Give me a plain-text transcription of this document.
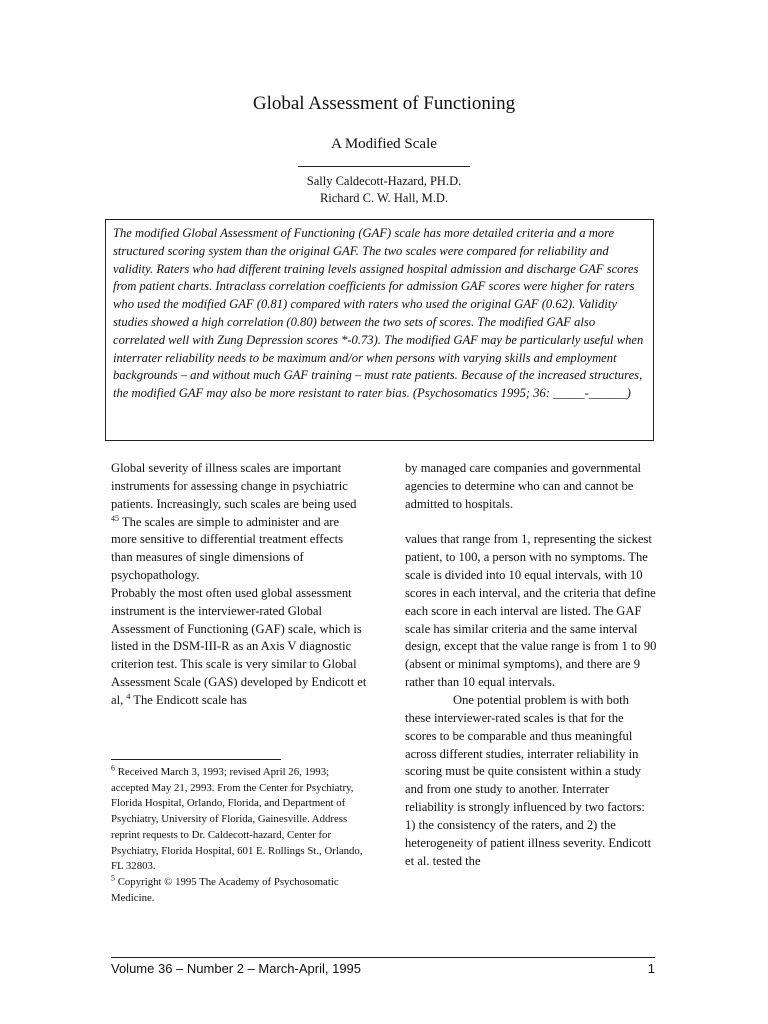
Global Assessment of Functioning
A Modified Scale
Sally Caldecott-Hazard, PH.D.
Richard C. W. Hall, M.D.
The modified Global Assessment of Functioning (GAF) scale has more detailed criteria and a more structured scoring system than the original GAF. The two scales were compared for reliability and validity. Raters who had different training levels assigned hospital admission and discharge GAF scores from patient charts. Intraclass correlation coefficients for admission GAF scores were higher for raters who used the modified GAF (0.81) compared with raters who used the original GAF (0.62). Validity studies showed a high correlation (0.80) between the two sets of scores. The modified GAF also correlated well with Zung Depression scores *-0.73). The modified GAF may be particularly useful when interrater reliability needs to be maximum and/or when persons with varying skills and employment backgrounds – and without much GAF training – must rate patients. Because of the increased structures, the modified GAF may also be more resistant to rater bias. (Psychosomatics 1995; 36: _____-______)

Global severity of illness scales are important instruments for assessing change in psychiatric patients. Increasingly, such scales are being used $^{45}$ The scales are simple to administer and are more sensitive to differential treatment effects than measures of single dimensions of psychopathology.

Probably the most often used global assessment instrument is the interviewer-rated Global Assessment of Functioning (GAF) scale, which is listed in the DSM-III-R as an Axis V diagnostic criterion test. This scale is very similar to Global Assessment Scale (GAS) developed by Endicott et al, $^4$ The Endicott scale has

$^6$ Received March 3, 1993; revised April 26, 1993; accepted May 21, 2993. From the Center for Psychiatry, Florida Hospital, Orlando, Florida, and Department of Psychiatry, University of Florida, Gainesville. Address reprint requests to Dr. Caldecott-hazard, Center for Psychiatry, Florida Hospital, 601 E. Rollings St., Orlando, FL 32803.

$^5$ Copyright © 1995 The Academy of Psychosomatic Medicine.

by managed care companies and governmental agencies to determine who can and cannot be admitted to hospitals.

values that range from 1, representing the sickest patient, to 100, a person with no symptoms. The scale is divided into 10 equal intervals, with 10 scores in each interval, and the criteria that define each score in each interval are listed. The GAF scale has similar criteria and the same interval design, except that the value range is from 1 to 90 (absent or minimal symptoms), and there are 9 rather than 10 equal intervals.

One potential problem is with both these interviewer-rated scales is that for the scores to be comparable and thus meaningful across different studies, interrater reliability in scoring must be quite consistent within a study and from one study to another. Interrater reliability is strongly influenced by two factors: 1) the consistency of the raters, and 2) the heterogeneity of patient illness severity. Endicott et al. tested the

Volume 36 – Number 2 – March-April, 1995	1
